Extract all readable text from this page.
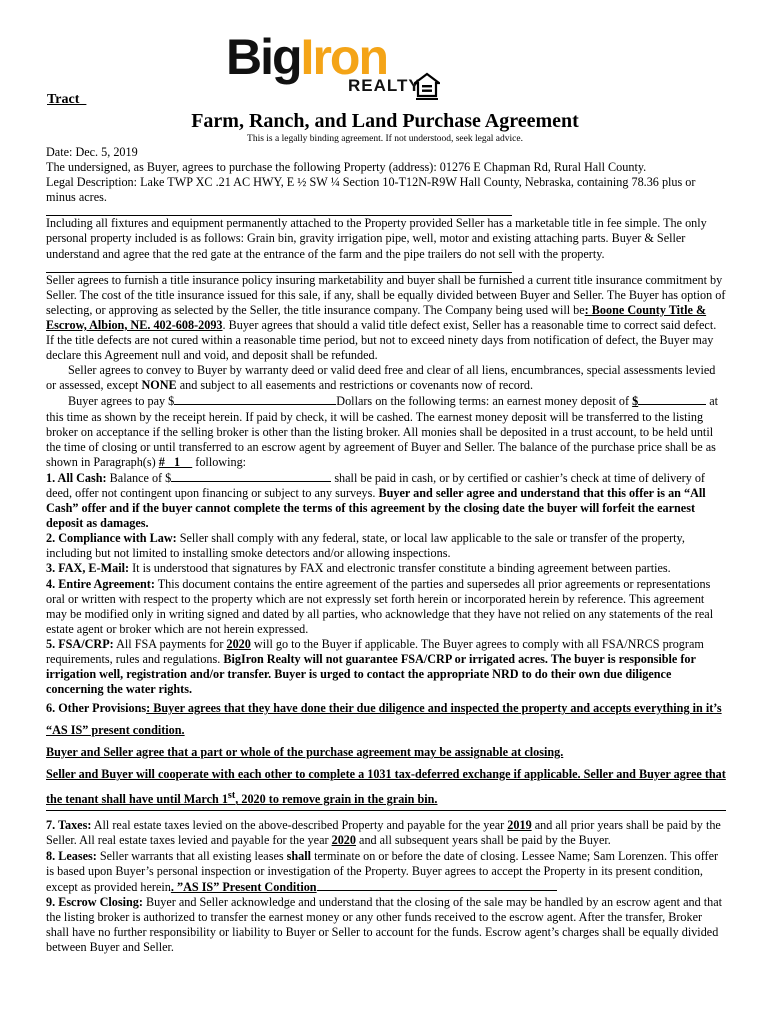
BigIron
REALTY
Tract
Farm, Ranch, and Land Purchase Agreement
This is a legally binding agreement. If not understood, seek legal advice.

Date: Dec. 5, 2019

The undersigned, as Buyer, agrees to purchase the following Property (address): 01276 E Chapman Rd, Rural Hall County.

Legal Description: Lake TWP XC .21 AC HWY, E ½ SW ¼ Section 10-T12N-R9W Hall County, Nebraska, containing 78.36 plus or minus acres.

Including all fixtures and equipment permanently attached to the Property provided Seller has a marketable title in fee simple. The only personal property included is as follows: Grain bin, gravity irrigation pipe, well, motor and existing attaching parts. Buyer & Seller understand and agree that the red gate at the entrance of the farm and the pipe trailers do not sell with the property.

Seller agrees to furnish a title insurance policy insuring marketability and buyer shall be furnished a current title insurance commitment by Seller. The cost of the title insurance issued for this sale, if any, shall be equally divided between Buyer and Seller. The Buyer has option of selecting, or approving as selected by the Seller, the title insurance company. The Company being used will be: Boone County Title & Escrow, Albion, NE. 402-608-2093. Buyer agrees that should a valid title defect exist, Seller has a reasonable time to correct said defect. If the title defects are not cured within a reasonable time period, but not to exceed ninety days from notification of defect, the Buyer may declare this Agreement null and void, and deposit shall be refunded.

Seller agrees to convey to Buyer by warranty deed or valid deed free and clear of all liens, encumbrances, special assessments levied or assessed, except NONE and subject to all easements and restrictions or covenants now of record.

Buyer agrees to pay $	Dollars on the following terms: an earnest money deposit of $	at this time as shown by the receipt herein. If paid by check, it will be cashed. The earnest money deposit will be transferred to the listing broker on acceptance if the selling broker is other than the listing broker. All monies shall be deposited in a trust account, to be held until the time of closing or until transferred to an escrow agent by agreement of Buyer and Seller. The balance of the purchase price shall be as shown in Paragraph(s) #   1     following:

1. All Cash: Balance of $	shall be paid in cash, or by certified or cashier’s check at time of delivery of deed, offer not contingent upon financing or subject to any surveys. Buyer and seller agree and understand that this offer is an “All Cash” offer and if the buyer cannot complete the terms of this agreement by the closing date the buyer will forfeit the earnest deposit as damages.

2. Compliance with Law: Seller shall comply with any federal, state, or local law applicable to the sale or transfer of the property, including but not limited to installing smoke detectors and/or allowing inspections.

3. FAX, E-Mail: It is understood that signatures by FAX and electronic transfer constitute a binding agreement between parties.

4. Entire Agreement: This document contains the entire agreement of the parties and supersedes all prior agreements or representations oral or written with respect to the property which are not expressly set forth herein or incorporated herein by reference. This agreement may be modified only in writing signed and dated by all parties, who acknowledge that they have not relied on any statements of the real estate agent or broker which are not herein expressed.

5. FSA/CRP: All FSA payments for 2020 will go to the Buyer if applicable. The Buyer agrees to comply with all FSA/NRCS program requirements, rules and regulations. BigIron Realty will not guarantee FSA/CRP or irrigated acres. The buyer is responsible for irrigation well, registration and/or transfer. Buyer is urged to contact the appropriate NRD to do their own due diligence concerning the water rights.

6. Other Provisions: Buyer agrees that they have done their due diligence and inspected the property and accepts everything in it’s “AS IS” present condition.

Buyer and Seller agree that a part or whole of the purchase agreement may be assignable at closing.

Seller and Buyer will cooperate with each other to complete a 1031 tax-deferred exchange if applicable. Seller and Buyer agree that the tenant shall have until March 1st, 2020 to remove grain in the grain bin.

7. Taxes: All real estate taxes levied on the above-described Property and payable for the year 2019 and all prior years shall be paid by the Seller. All real estate taxes levied and payable for the year 2020 and all subsequent years shall be paid by the Buyer.

8. Leases: Seller warrants that all existing leases shall terminate on or before the date of closing. Lessee Name; Sam Lorenzen. This offer is based upon Buyer’s personal inspection or investigation of the Property. Buyer agrees to accept the Property in its present condition, except as provided herein. ”AS IS” Present Condition

9. Escrow Closing: Buyer and Seller acknowledge and understand that the closing of the sale may be handled by an escrow agent and that the listing broker is authorized to transfer the earnest money or any other funds received to the escrow agent. After the transfer, Broker shall have no further responsibility or liability to Buyer or Seller to account for the funds. Escrow agent’s charges shall be equally divided between Buyer and Seller.
